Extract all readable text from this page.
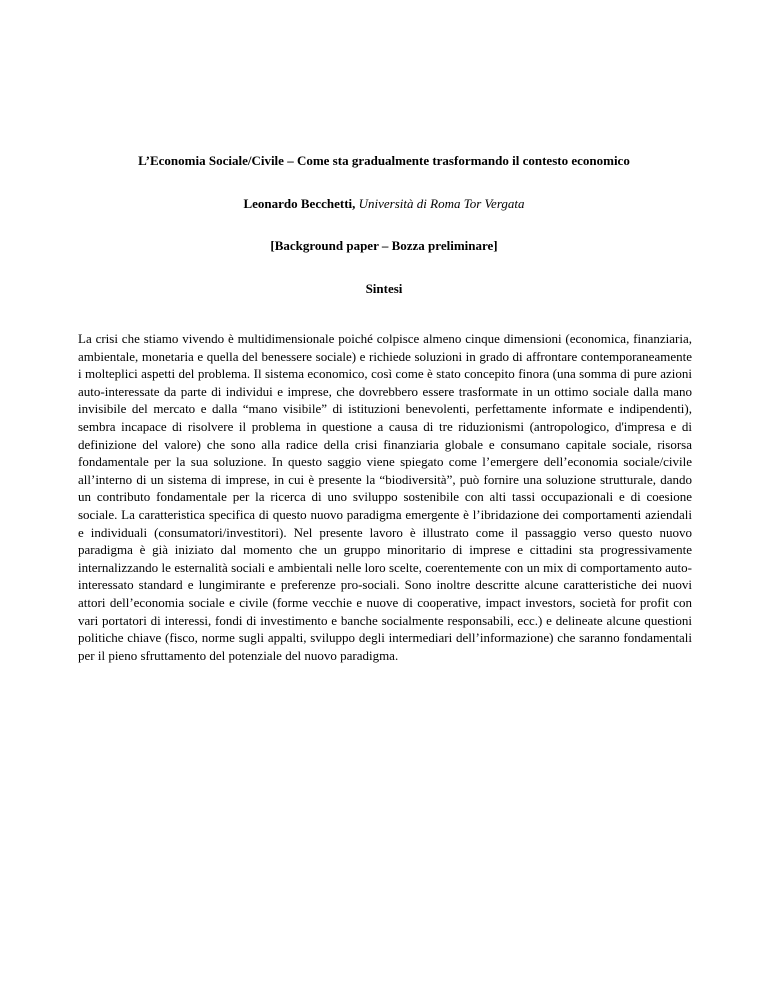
L’Economia Sociale/Civile – Come sta gradualmente trasformando il contesto economico
Leonardo Becchetti, Università di Roma Tor Vergata
[Background paper – Bozza preliminare]
Sintesi

La crisi che stiamo vivendo è multidimensionale poiché colpisce almeno cinque dimensioni (economica, finanziaria, ambientale, monetaria e quella del benessere sociale) e richiede soluzioni in grado di affrontare contemporaneamente i molteplici aspetti del problema. Il sistema economico, così come è stato concepito finora (una somma di pure azioni auto-interessate da parte di individui e imprese, che dovrebbero essere trasformate in un ottimo sociale dalla mano invisibile del mercato e dalla “mano visibile” di istituzioni benevolenti, perfettamente informate e indipendenti), sembra incapace di risolvere il problema in questione a causa di tre riduzionismi (antropologico, d'impresa e di definizione del valore) che sono alla radice della crisi finanziaria globale e consumano capitale sociale, risorsa fondamentale per la sua soluzione. In questo saggio viene spiegato come l’emergere dell’economia sociale/civile all’interno di un sistema di imprese, in cui è presente la “biodiversità”, può fornire una soluzione strutturale, dando un contributo fondamentale per la ricerca di uno sviluppo sostenibile con alti tassi occupazionali e di coesione sociale. La caratteristica specifica di questo nuovo paradigma emergente è l’ibridazione dei comportamenti aziendali e individuali (consumatori/investitori). Nel presente lavoro è illustrato come il passaggio verso questo nuovo paradigma è già iniziato dal momento che un gruppo minoritario di imprese e cittadini sta progressivamente internalizzando le esternalità sociali e ambientali nelle loro scelte, coerentemente con un mix di comportamento auto-interessato standard e lungimirante e preferenze pro-sociali. Sono inoltre descritte alcune caratteristiche dei nuovi attori dell’economia sociale e civile (forme vecchie e nuove di cooperative, impact investors, società for profit con vari portatori di interessi, fondi di investimento e banche socialmente responsabili, ecc.) e delineate alcune questioni politiche chiave (fisco, norme sugli appalti, sviluppo degli intermediari dell’informazione) che saranno fondamentali per il pieno sfruttamento del potenziale del nuovo paradigma.
